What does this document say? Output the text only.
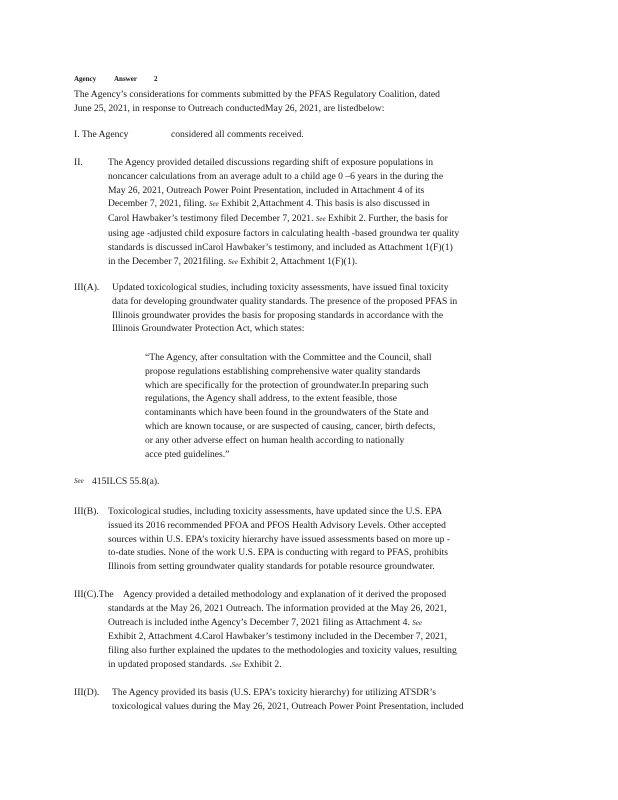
Agency	Answer 2
The Agency’s considerations for comments submitted by the PFAS Regulatory Coalition, dated
June 25, 2021, in response to Outreach conductedMay 26, 2021, are listedbelow:
I. The Agency	considered all comments received.
II.	The Agency provided detailed discussions regarding shift of exposure populations in
noncancer calculations from an average adult to a child age 0 –6 years in the during the
May 26, 2021, Outreach Power Point Presentation, included in Attachment 4 of its
December 7, 2021, filing. See Exhibit 2,Attachment 4. This basis is also discussed in
Carol Hawbaker’s testimony filed December 7, 2021. See Exhibit 2. Further, the basis for
using age -adjusted child exposure factors in calculating health -based groundwa ter quality
standards is discussed inCarol Hawbaker’s testimony, and included as Attachment 1(F)(1)
in the December 7, 2021filing. See Exhibit 2, Attachment 1(F)(1).
III(A). Updated toxicological studies, including toxicity assessments, have issued final toxicity
data for developing groundwater quality standards. The presence of the proposed PFAS in
Illinois groundwater provides the basis for proposing standards in accordance with the
Illinois Groundwater Protection Act, which states:
“The Agency, after consultation with the Committee and the Council, shall
propose regulations establishing comprehensive water quality standards
which are specifically for the protection of groundwater.In preparing such
regulations, the Agency shall address, to the extent feasible, those
contaminants which have been found in the groundwaters of the State and
which are known tocause, or are suspected of causing, cancer, birth defects,
or any other adverse effect on human health according to nationally
acce pted guidelines.”
See 415ILCS 55.8(a).
III(B). Toxicological studies, including toxicity assessments, have updated since the U.S. EPA
issued its 2016 recommended PFOA and PFOS Health Advisory Levels. Other accepted
sources within U.S. EPA’s toxicity hierarchy have issued assessments based on more up -
to-date studies. None of the work U.S. EPA is conducting with regard to PFAS, prohibits
Illinois from setting groundwater quality standards for potable resource groundwater.
III(C).The Agency provided a detailed methodology and explanation of it derived the proposed
standards at the May 26, 2021 Outreach. The information provided at the May 26, 2021,
Outreach is included inthe Agency’s December 7, 2021 filing as Attachment 4. See
Exhibit 2, Attachment 4.Carol Hawbaker’s testimony included in the December 7, 2021,
filing also further explained the updates to the methodologies and toxicity values, resulting
in updated proposed standards. .See Exhibit 2.
III(D). The Agency provided its basis (U.S. EPA’s toxicity hierarchy) for utilizing ATSDR’s
toxicological values during the May 26, 2021, Outreach Power Point Presentation, included
